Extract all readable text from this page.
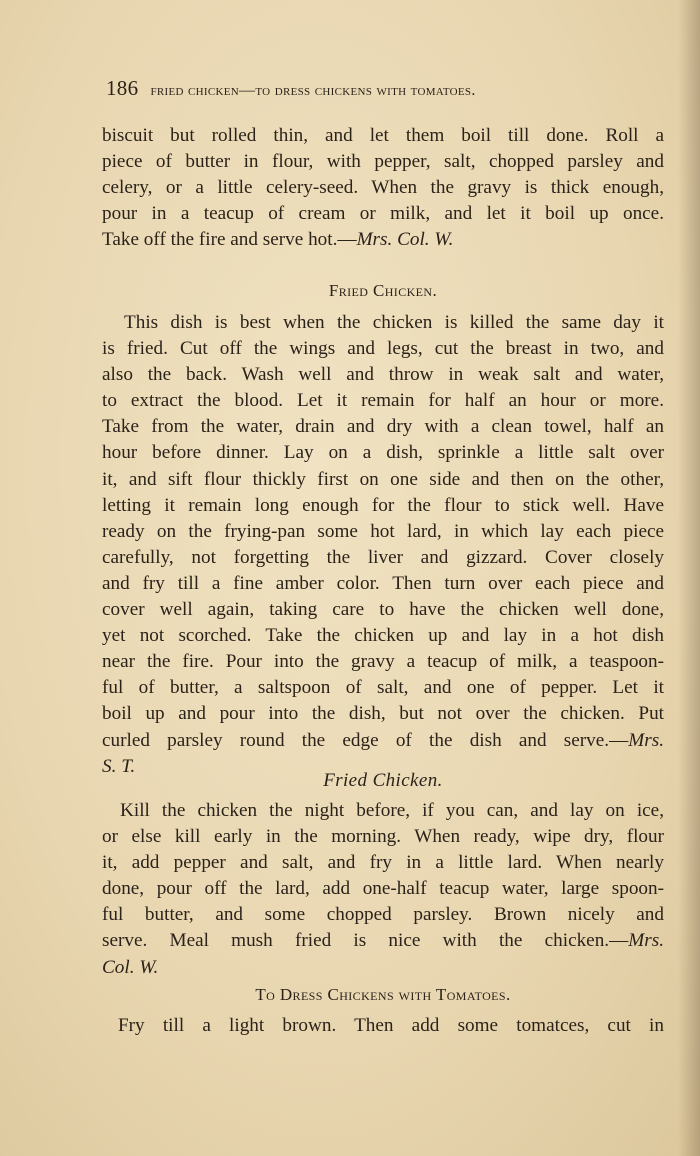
186 fried chicken—to dress chickens with tomatoes.
biscuit but rolled thin, and let them boil till done. Roll a
piece of butter in flour, with pepper, salt, chopped parsley and
celery, or a little celery-seed. When the gravy is thick enough,
pour in a teacup of cream or milk, and let it boil up once.
Take off the fire and serve hot.—Mrs. Col. W.
Fried Chicken.
This dish is best when the chicken is killed the same day it
is fried. Cut off the wings and legs, cut the breast in two, and
also the back. Wash well and throw in weak salt and water,
to extract the blood. Let it remain for half an hour or more.
Take from the water, drain and dry with a clean towel, half an
hour before dinner. Lay on a dish, sprinkle a little salt over
it, and sift flour thickly first on one side and then on the other,
letting it remain long enough for the flour to stick well. Have
ready on the frying-pan some hot lard, in which lay each piece
carefully, not forgetting the liver and gizzard. Cover closely
and fry till a fine amber color. Then turn over each piece and
cover well again, taking care to have the chicken well done,
yet not scorched. Take the chicken up and lay in a hot dish
near the fire. Pour into the gravy a teacup of milk, a teaspoon-
ful of butter, a saltspoon of salt, and one of pepper. Let it
boil up and pour into the dish, but not over the chicken. Put
curled parsley round the edge of the dish and serve.—Mrs.
S. T.
Fried Chicken.
Kill the chicken the night before, if you can, and lay on ice,
or else kill early in the morning. When ready, wipe dry, flour
it, add pepper and salt, and fry in a little lard. When nearly
done, pour off the lard, add one-half teacup water, large spoon-
ful butter, and some chopped parsley. Brown nicely and
serve. Meal mush fried is nice with the chicken.—Mrs.
Col. W.
To Dress Chickens with Tomatoes.
Fry till a light brown. Then add some tomatces, cut in
